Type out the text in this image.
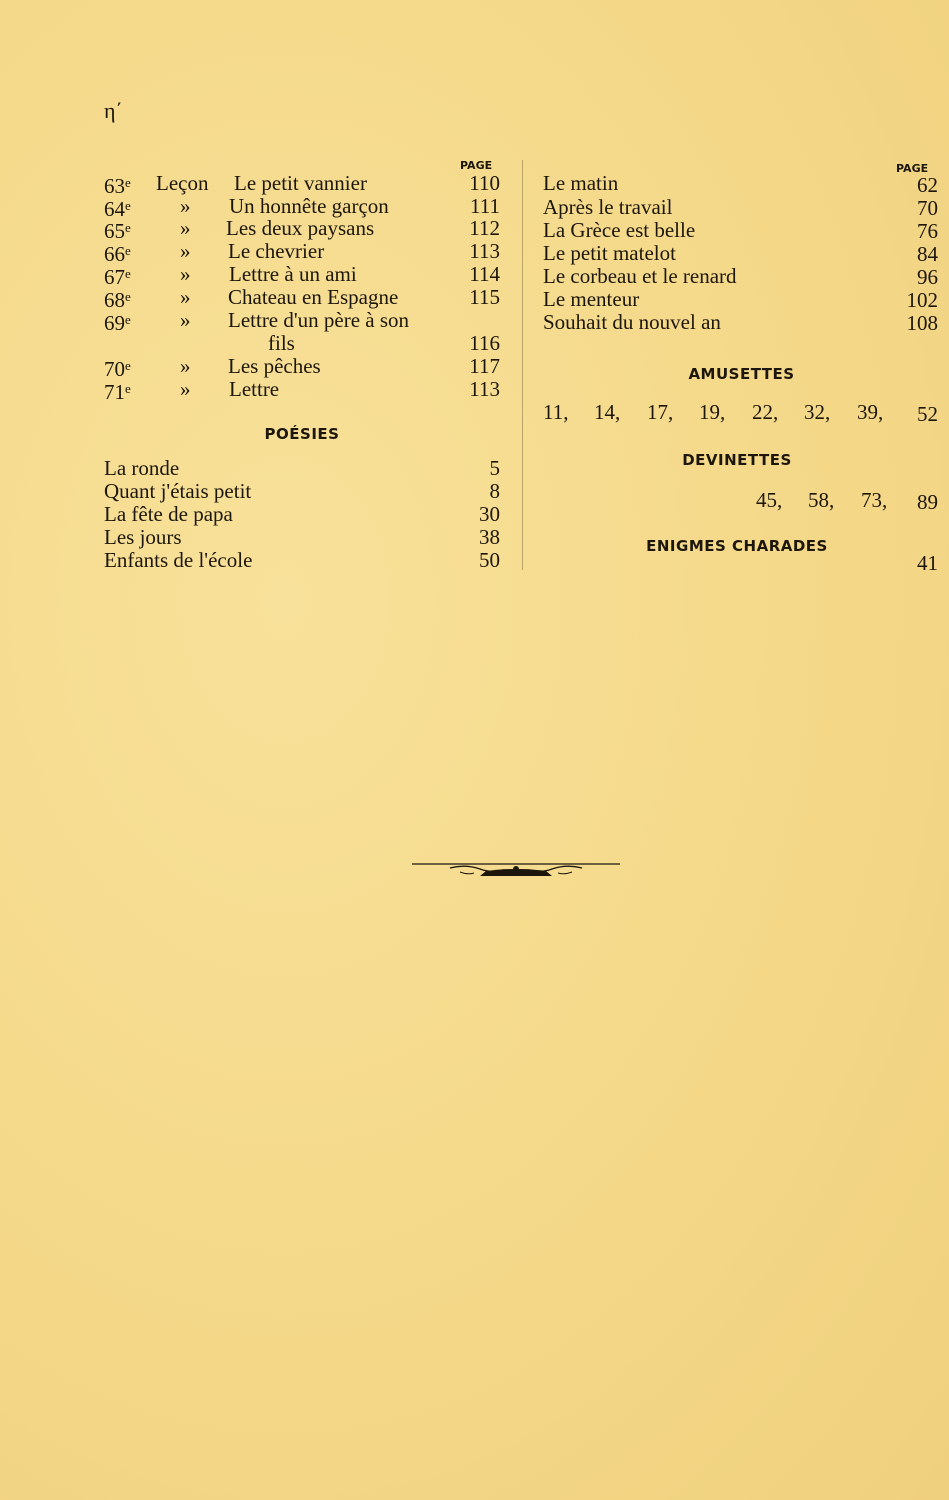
η΄
PAGE
63e Leçon Le petit vannier	110
64e » Un honnête garçon	111
65e » Les deux paysans	112
66e » Le chevrier	113
67e » Lettre à un ami	114
68e » Chateau en Espagne	115
69e » Lettre d'un père à son
fils	116
70e » Les pêches	117
71e » Lettre	113
POÉSIES
La ronde	5
Quant j'étais petit	8
La fête de papa	30
Les jours	38
Enfants de l'école	50
PAGE
Le matin	62
Après le travail	70
La Grèce est belle	76
Le petit matelot	84
Le corbeau et le renard	96
Le menteur	102
Souhait du nouvel an	108
AMUSETTES
11, 14, 17, 19, 22, 32, 39,	52
DEVINETTES
45, 58, 73,	89
ENIGMES CHARADES
41
